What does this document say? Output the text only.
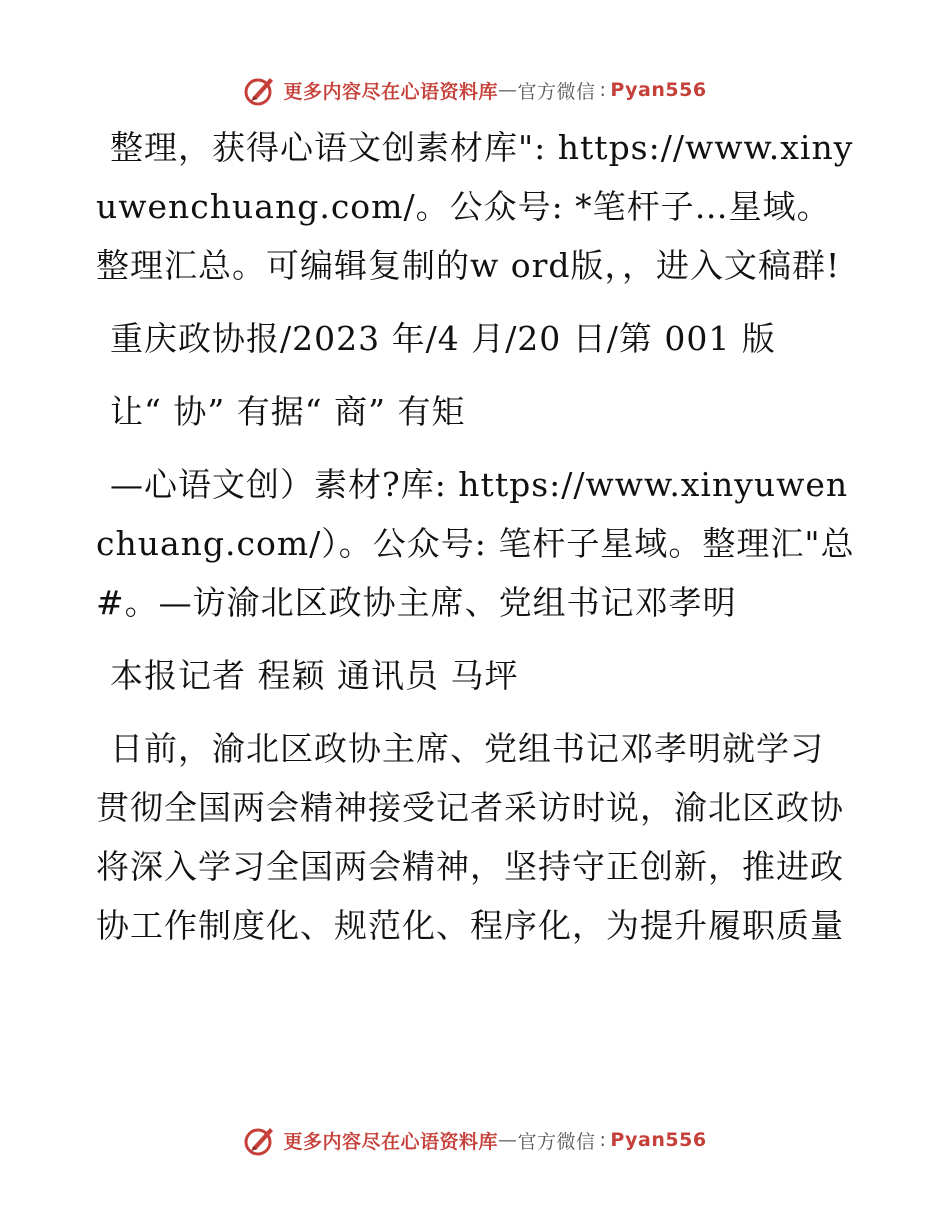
更多内容尽在心语资料库 — 官方微信 : Pyan556

整理，获得心语文创素材库": https://www.xinyuwenchuang.com/。公众号: *笔杆子…星域。整理汇总。可编辑复制的w ord版，，进入文稿群!

重庆政协报/2023 年/4 月/20 日/第 001 版

让“ 协” 有据“ 商” 有矩

—心语文创）素材?库: https://www.xinyuwenchuang.com/）。公众号: 笔杆子星域。整理汇"总#。—访渝北区政协主席、党组书记邓孝明

本报记者 程颖 通讯员 马坪

日前，渝北区政协主席、党组书记邓孝明就学习贯彻全国两会精神接受记者采访时说，渝北区政协将深入学习全国两会精神，坚持守正创新，推进政协工作制度化、规范化、程序化，为提升履职质量

更多内容尽在心语资料库 — 官方微信 : Pyan556
